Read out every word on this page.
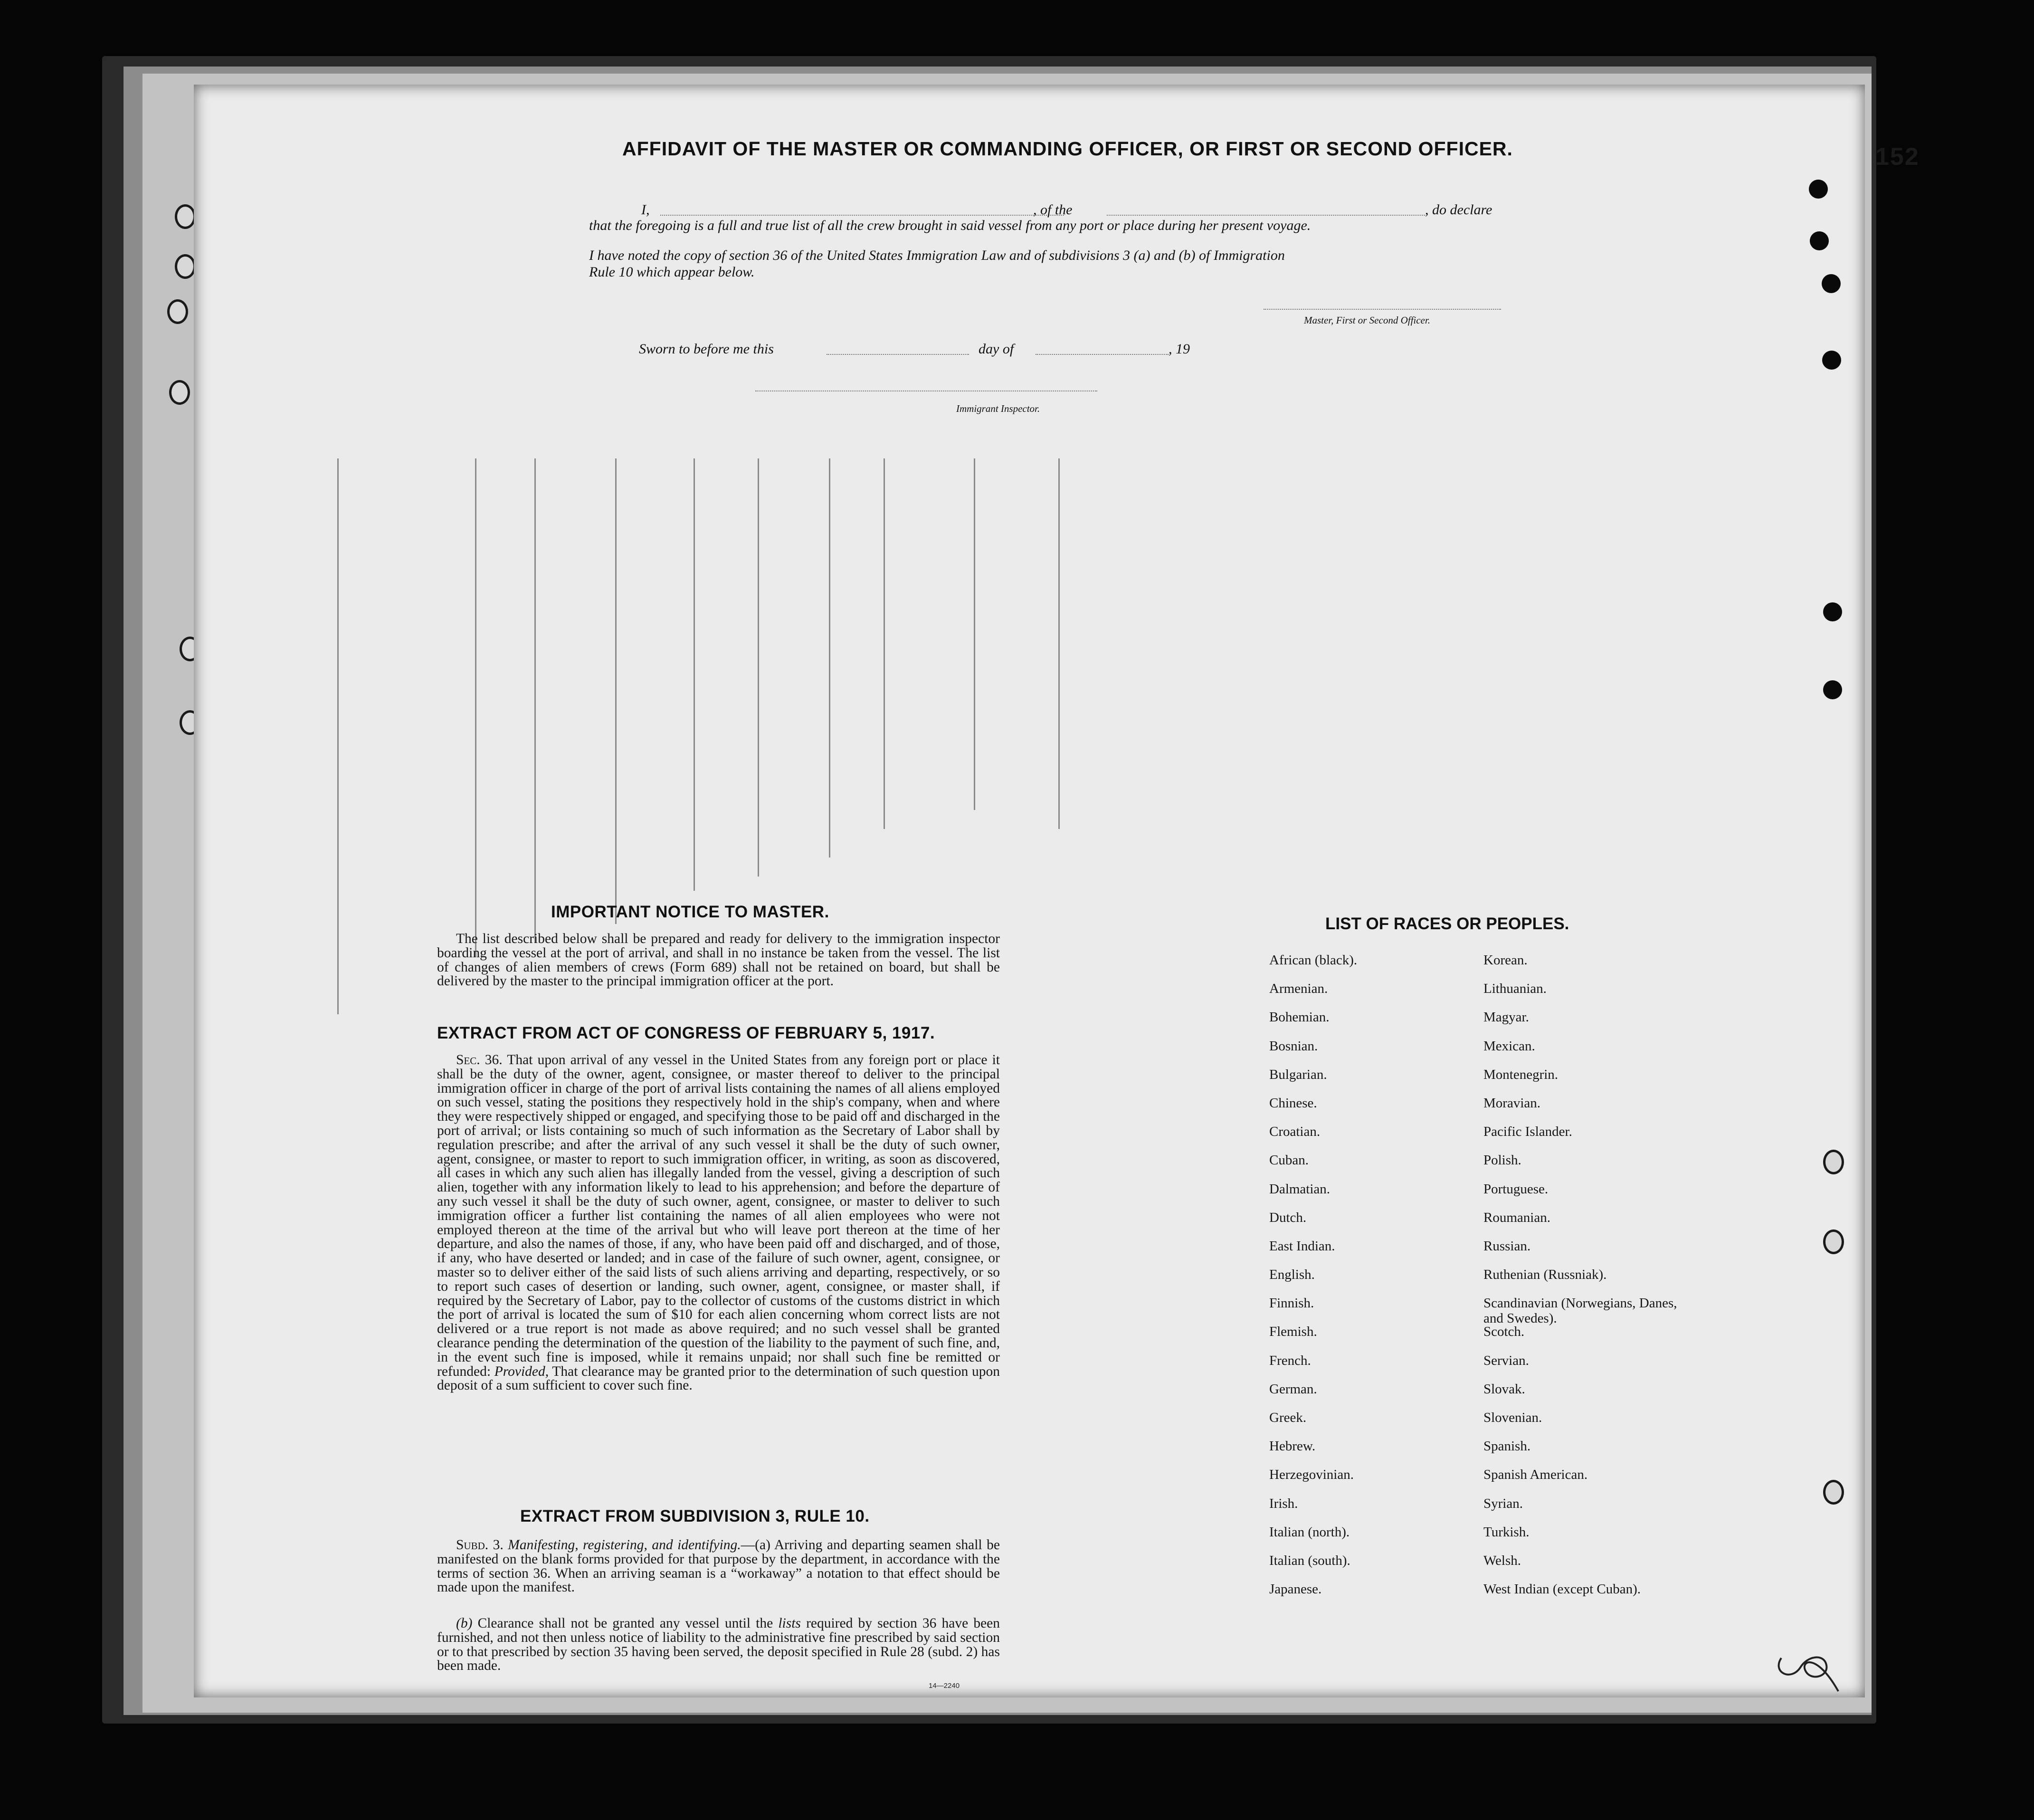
152
AFFIDAVIT OF THE MASTER OR COMMANDING OFFICER, OR FIRST OR SECOND OFFICER.
I,	, of the	, do declare
that the foregoing is a full and true list of all the crew brought in said vessel from any port or place during her present voyage.
I have noted the copy of section 36 of the United States Immigration Law and of subdivisions 3 (a) and (b) of Immigration
Rule 10 which appear below.
Master, First or Second Officer.
Sworn to before me this	day of	, 19
Immigrant Inspector.
IMPORTANT NOTICE TO MASTER.
The list described below shall be prepared and ready for delivery to the immigration inspector boarding the vessel at the port of arrival, and shall in no instance be taken from the vessel. The list of changes of alien members of crews (Form 689) shall not be retained on board, but shall be delivered by the master to the principal immigration officer at the port.
EXTRACT FROM ACT OF CONGRESS OF FEBRUARY 5, 1917.
Sec. 36. That upon arrival of any vessel in the United States from any foreign port or place it shall be the duty of the owner, agent, consignee, or master thereof to deliver to the principal immigration officer in charge of the port of arrival lists containing the names of all aliens employed on such vessel, stating the positions they respectively hold in the ship's company, when and where they were respectively shipped or engaged, and specifying those to be paid off and discharged in the port of arrival; or lists containing so much of such information as the Secretary of Labor shall by regulation prescribe; and after the arrival of any such vessel it shall be the duty of such owner, agent, consignee, or master to report to such immigration officer, in writing, as soon as discovered, all cases in which any such alien has illegally landed from the vessel, giving a description of such alien, together with any information likely to lead to his apprehension; and before the departure of any such vessel it shall be the duty of such owner, agent, consignee, or master to deliver to such immigration officer a further list containing the names of all alien employees who were not employed thereon at the time of the arrival but who will leave port thereon at the time of her departure, and also the names of those, if any, who have been paid off and discharged, and of those, if any, who have deserted or landed; and in case of the failure of such owner, agent, consignee, or master so to deliver either of the said lists of such aliens arriving and departing, respectively, or so to report such cases of desertion or landing, such owner, agent, consignee, or master shall, if required by the Secretary of Labor, pay to the collector of customs of the customs district in which the port of arrival is located the sum of $10 for each alien concerning whom correct lists are not delivered or a true report is not made as above required; and no such vessel shall be granted clearance pending the determination of the question of the liability to the payment of such fine, and, in the event such fine is imposed, while it remains unpaid; nor shall such fine be remitted or refunded: Provided, That clearance may be granted prior to the determination of such question upon deposit of a sum sufficient to cover such fine.
EXTRACT FROM SUBDIVISION 3, RULE 10.
Subd. 3. Manifesting, registering, and identifying.—(a) Arriving and departing seamen shall be manifested on the blank forms provided for that purpose by the department, in accordance with the terms of section 36. When an arriving seaman is a “workaway” a notation to that effect should be made upon the manifest.
(b) Clearance shall not be granted any vessel until the lists required by section 36 have been furnished, and not then unless notice of liability to the administrative fine prescribed by said section or to that prescribed by section 35 having been served, the deposit specified in Rule 28 (subd. 2) has been made.
14—2240
LIST OF RACES OR PEOPLES.
African (black).
Armenian.
Bohemian.
Bosnian.
Bulgarian.
Chinese.
Croatian.
Cuban.
Dalmatian.
Dutch.
East Indian.
English.
Finnish.
Flemish.
French.
German.
Greek.
Hebrew.
Herzegovinian.
Irish.
Italian (north).
Italian (south).
Japanese.
Korean.
Lithuanian.
Magyar.
Mexican.
Montenegrin.
Moravian.
Pacific Islander.
Polish.
Portuguese.
Roumanian.
Russian.
Ruthenian (Russniak).
Scandinavian (Norwegians, Danes, and Swedes).
Scotch.
Servian.
Slovak.
Slovenian.
Spanish.
Spanish American.
Syrian.
Turkish.
Welsh.
West Indian (except Cuban).
